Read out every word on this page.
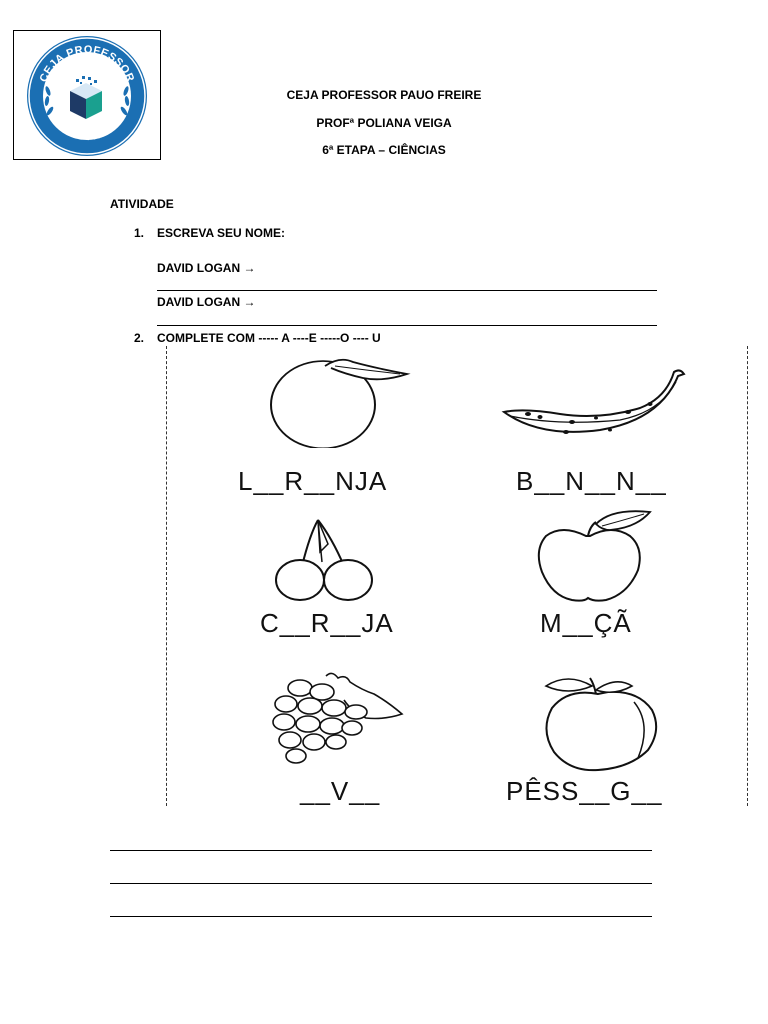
CEJA PROFESSOR
PAULO FREIRE
CEJA PROFESSOR PAUO FREIRE
PROFª POLIANA VEIGA
6ª ETAPA – CIÊNCIAS
ATIVIDADE
1. ESCREVA SEU NOME:
DAVID LOGAN →
DAVID LOGAN →
2. COMPLETE COM ----- A ----E -----O ---- U
L__R__NJA	B__N__N__
C__R__JA	M__ÇÃ
__V__	PÊSS__G__
